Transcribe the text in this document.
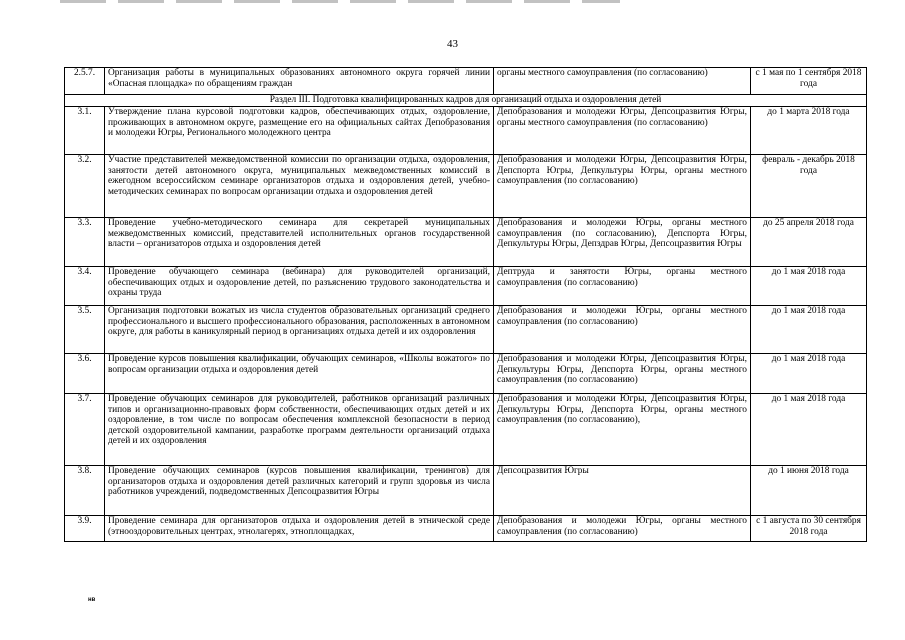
43
2.5.7.	Организация работы в муниципальных образованиях автономного округа горячей линии «Опасная площадка» по обращениям граждан	органы местного самоуправления (по согласованию)	с 1 мая по 1 сентября 2018 года
Раздел III. Подготовка квалифицированных кадров для организаций отдыха и оздоровления детей			
3.1.	Утверждение плана курсовой подготовки кадров, обеспечивающих отдых, оздоровление, проживающих в автономном округе, размещение его на официальных сайтах Депобразования и молодежи Югры, Регионального молодежного центра	Депобразования и молодежи Югры, Депсоцразвития Югры, органы местного самоуправления (по согласованию)	до 1 марта 2018 года
3.2.	Участие представителей межведомственной комиссии по организации отдыха, оздоровления, занятости детей автономного округа, муниципальных межведомственных комиссий в ежегодном всероссийском семинаре организаторов отдыха и оздоровления детей, учебно-методических семинарах по вопросам организации отдыха и оздоровления детей	Депобразования и молодежи Югры, Депсоцразвития Югры, Депспорта Югры, Депкультуры Югры, органы местного самоуправления (по согласованию)	февраль - декабрь 2018 года
3.3.	Проведение учебно-методического семинара для секретарей муниципальных межведомственных комиссий, представителей исполнительных органов государственной власти – организаторов отдыха и оздоровления детей	Депобразования и молодежи Югры, органы местного самоуправления (по согласованию), Депспорта Югры, Депкультуры Югры, Депздрав Югры, Депсоцразвития Югры	до 25 апреля 2018 года
3.4.	Проведение обучающего семинара (вебинара) для руководителей организаций, обеспечивающих отдых и оздоровление детей, по разъяснению трудового законодательства и охраны труда	Дептруда и занятости Югры, органы местного самоуправления (по согласованию)	до 1 мая 2018 года
3.5.	Организация подготовки вожатых из числа студентов образовательных организаций среднего профессионального и высшего профессионального образования, расположенных в автономном округе, для работы в каникулярный период в организациях отдыха детей и их оздоровления	Депобразования и молодежи Югры, органы местного самоуправления (по согласованию)	до 1 мая 2018 года
3.6.	Проведение курсов повышения квалификации, обучающих семинаров, «Школы вожатого» по вопросам организации отдыха и оздоровления детей	Депобразования и молодежи Югры, Депсоцразвития Югры, Депкультуры Югры, Депспорта Югры, органы местного самоуправления (по согласованию)	до 1 мая 2018 года
3.7.	Проведение обучающих семинаров для руководителей, работников организаций различных типов и организационно-правовых форм собственности, обеспечивающих отдых детей и их оздоровление, в том числе по вопросам обеспечения комплексной безопасности в период детской оздоровительной кампании, разработке программ деятельности организаций отдыха детей и их оздоровления	Депобразования и молодежи Югры, Депсоцразвития Югры, Депкультуры Югры, Депспорта Югры, органы местного самоуправления (по согласованию),	до 1 мая 2018 года
3.8.	Проведение обучающих семинаров (курсов повышения квалификации, тренингов) для организаторов отдыха и оздоровления детей различных категорий и групп здоровья из числа работников учреждений, подведомственных Депсоцразвития Югры	Депсоцразвития Югры	до 1 июня 2018 года
3.9.	Проведение семинара для организаторов отдыха и оздоровления детей в этнической среде (этнооздоровительных центрах, этнолагерях, этноплощадках,	Депобразования и молодежи Югры, органы местного самоуправления (по согласованию)	с 1 августа по 30 сентября 2018 года
нв
